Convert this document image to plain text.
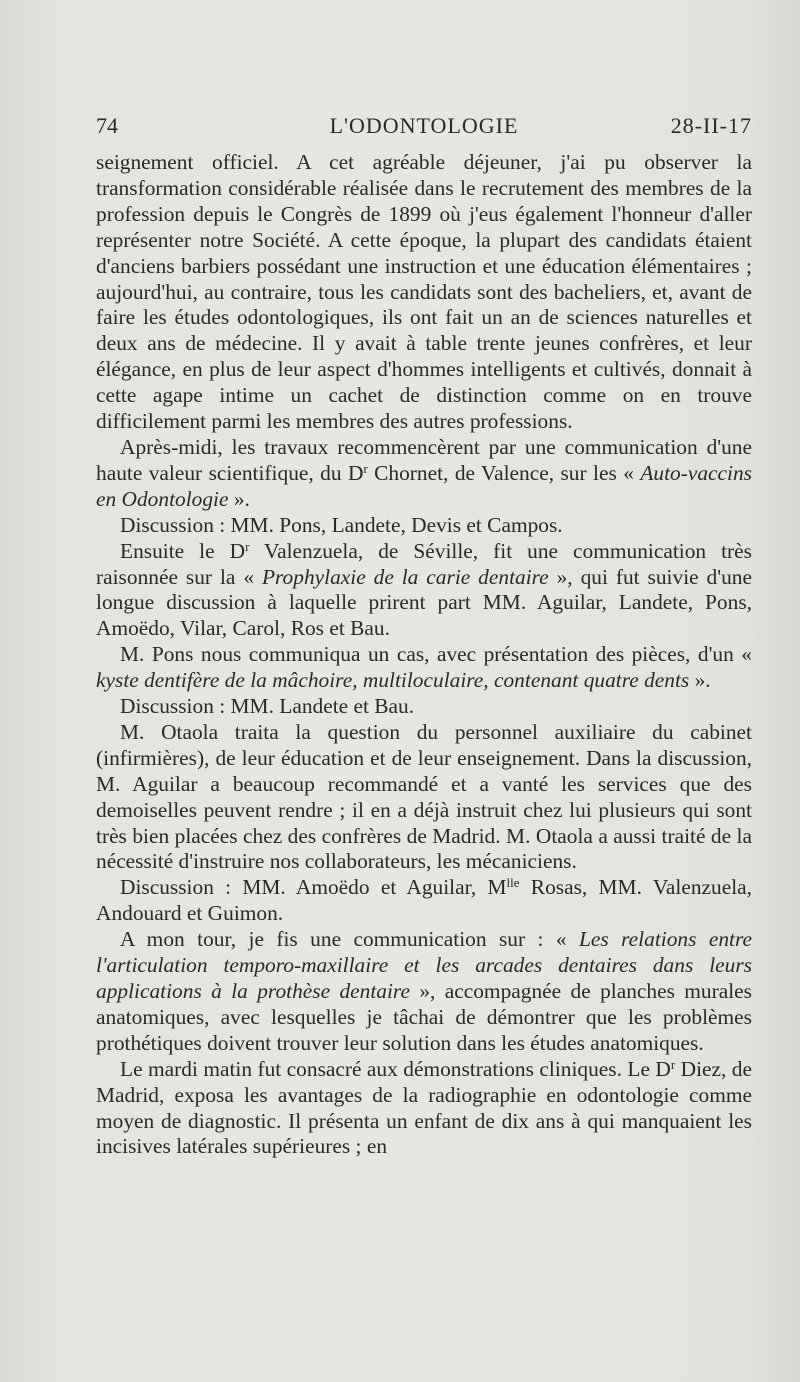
74	L'ODONTOLOGIE	28-II-17

seignement officiel. A cet agréable déjeuner, j'ai pu observer la transformation considérable réalisée dans le recrutement des membres de la profession depuis le Congrès de 1899 où j'eus également l'honneur d'aller représenter notre Société. A cette époque, la plupart des candidats étaient d'anciens barbiers possédant une instruction et une éducation élémentaires ; aujourd'hui, au contraire, tous les candidats sont des bacheliers, et, avant de faire les études odontologiques, ils ont fait un an de sciences naturelles et deux ans de médecine. Il y avait à table trente jeunes confrères, et leur élégance, en plus de leur aspect d'hommes intelligents et cultivés, donnait à cette agape intime un cachet de distinction comme on en trouve difficilement parmi les membres des autres professions.

Après-midi, les travaux recommencèrent par une communication d'une haute valeur scientifique, du $D^r$ Chornet, de Valence, sur les « Auto-vaccins en Odontologie ».

Discussion : MM. Pons, Landete, Devis et Campos.

Ensuite le $D^r$ Valenzuela, de Séville, fit une communication très raisonnée sur la « Prophylaxie de la carie dentaire », qui fut suivie d'une longue discussion à laquelle prirent part MM. Aguilar, Landete, Pons, Amoëdo, Vilar, Carol, Ros et Bau.

M. Pons nous communiqua un cas, avec présentation des pièces, d'un « kyste dentifère de la mâchoire, multiloculaire, contenant quatre dents ».

Discussion : MM. Landete et Bau.

M. Otaola traita la question du personnel auxiliaire du cabinet (infirmières), de leur éducation et de leur enseignement. Dans la discussion, M. Aguilar a beaucoup recommandé et a vanté les services que des demoiselles peuvent rendre ; il en a déjà instruit chez lui plusieurs qui sont très bien placées chez des confrères de Madrid. M. Otaola a aussi traité de la nécessité d'instruire nos collaborateurs, les mécaniciens.

Discussion : MM. Amoëdo et Aguilar, $M^{lle}$ Rosas, MM. Valenzuela, Andouard et Guimon.

A mon tour, je fis une communication sur : « Les relations entre l'articulation temporo-maxillaire et les arcades dentaires dans leurs applications à la prothèse dentaire », accompagnée de planches murales anatomiques, avec lesquelles je tâchai de démontrer que les problèmes prothétiques doivent trouver leur solution dans les études anatomiques.

Le mardi matin fut consacré aux démonstrations cliniques. Le $D^r$ Diez, de Madrid, exposa les avantages de la radiographie en odontologie comme moyen de diagnostic. Il présenta un enfant de dix ans à qui manquaient les incisives latérales supérieures ; en
